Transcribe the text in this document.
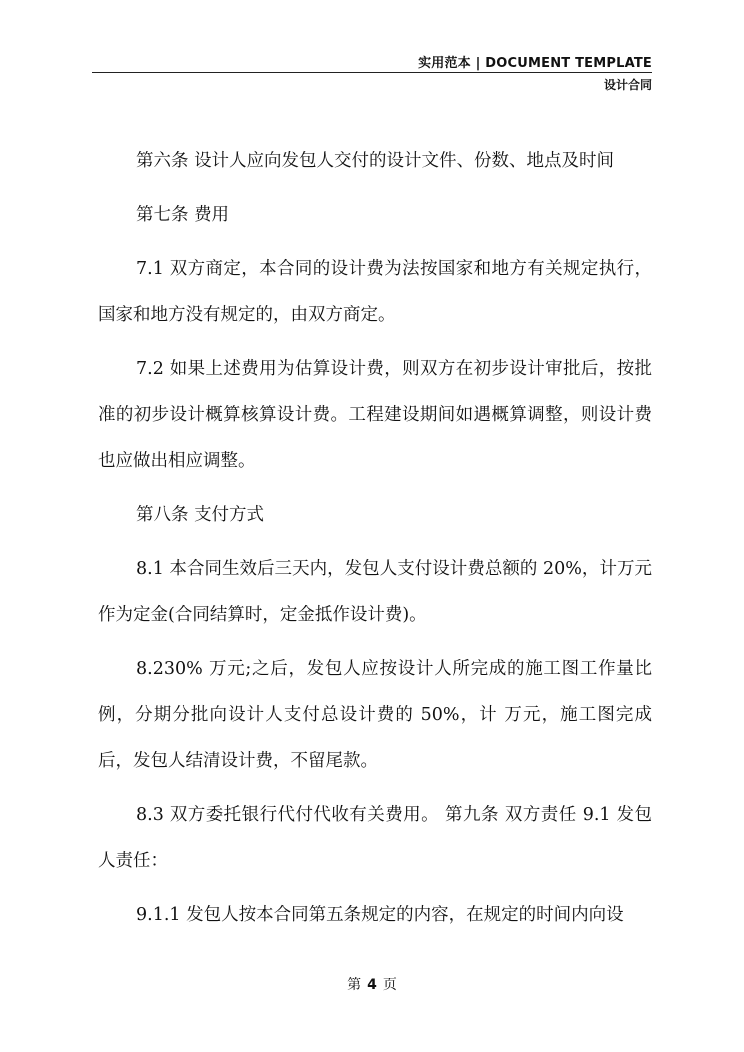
实用范本 | DOCUMENT TEMPLATE
设计合同

第六条 设计人应向发包人交付的设计文件、份数、地点及时间

第七条 费用

7.1 双方商定，本合同的设计费为法按国家和地方有关规定执行，国家和地方没有规定的，由双方商定。

7.2 如果上述费用为估算设计费，则双方在初步设计审批后，按批准的初步设计概算核算设计费。工程建设期间如遇概算调整，则设计费也应做出相应调整。

第八条 支付方式

8.1 本合同生效后三天内，发包人支付设计费总额的 20%，计万元作为定金(合同结算时，定金抵作设计费)。

8.230% 万元;之后，发包人应按设计人所完成的施工图工作量比例，分期分批向设计人支付总设计费的 50%，计 万元，施工图完成后，发包人结清设计费，不留尾款。

8.3 双方委托银行代付代收有关费用。 第九条 双方责任 9.1 发包人责任：

9.1.1 发包人按本合同第五条规定的内容，在规定的时间内向设

第 4 页
